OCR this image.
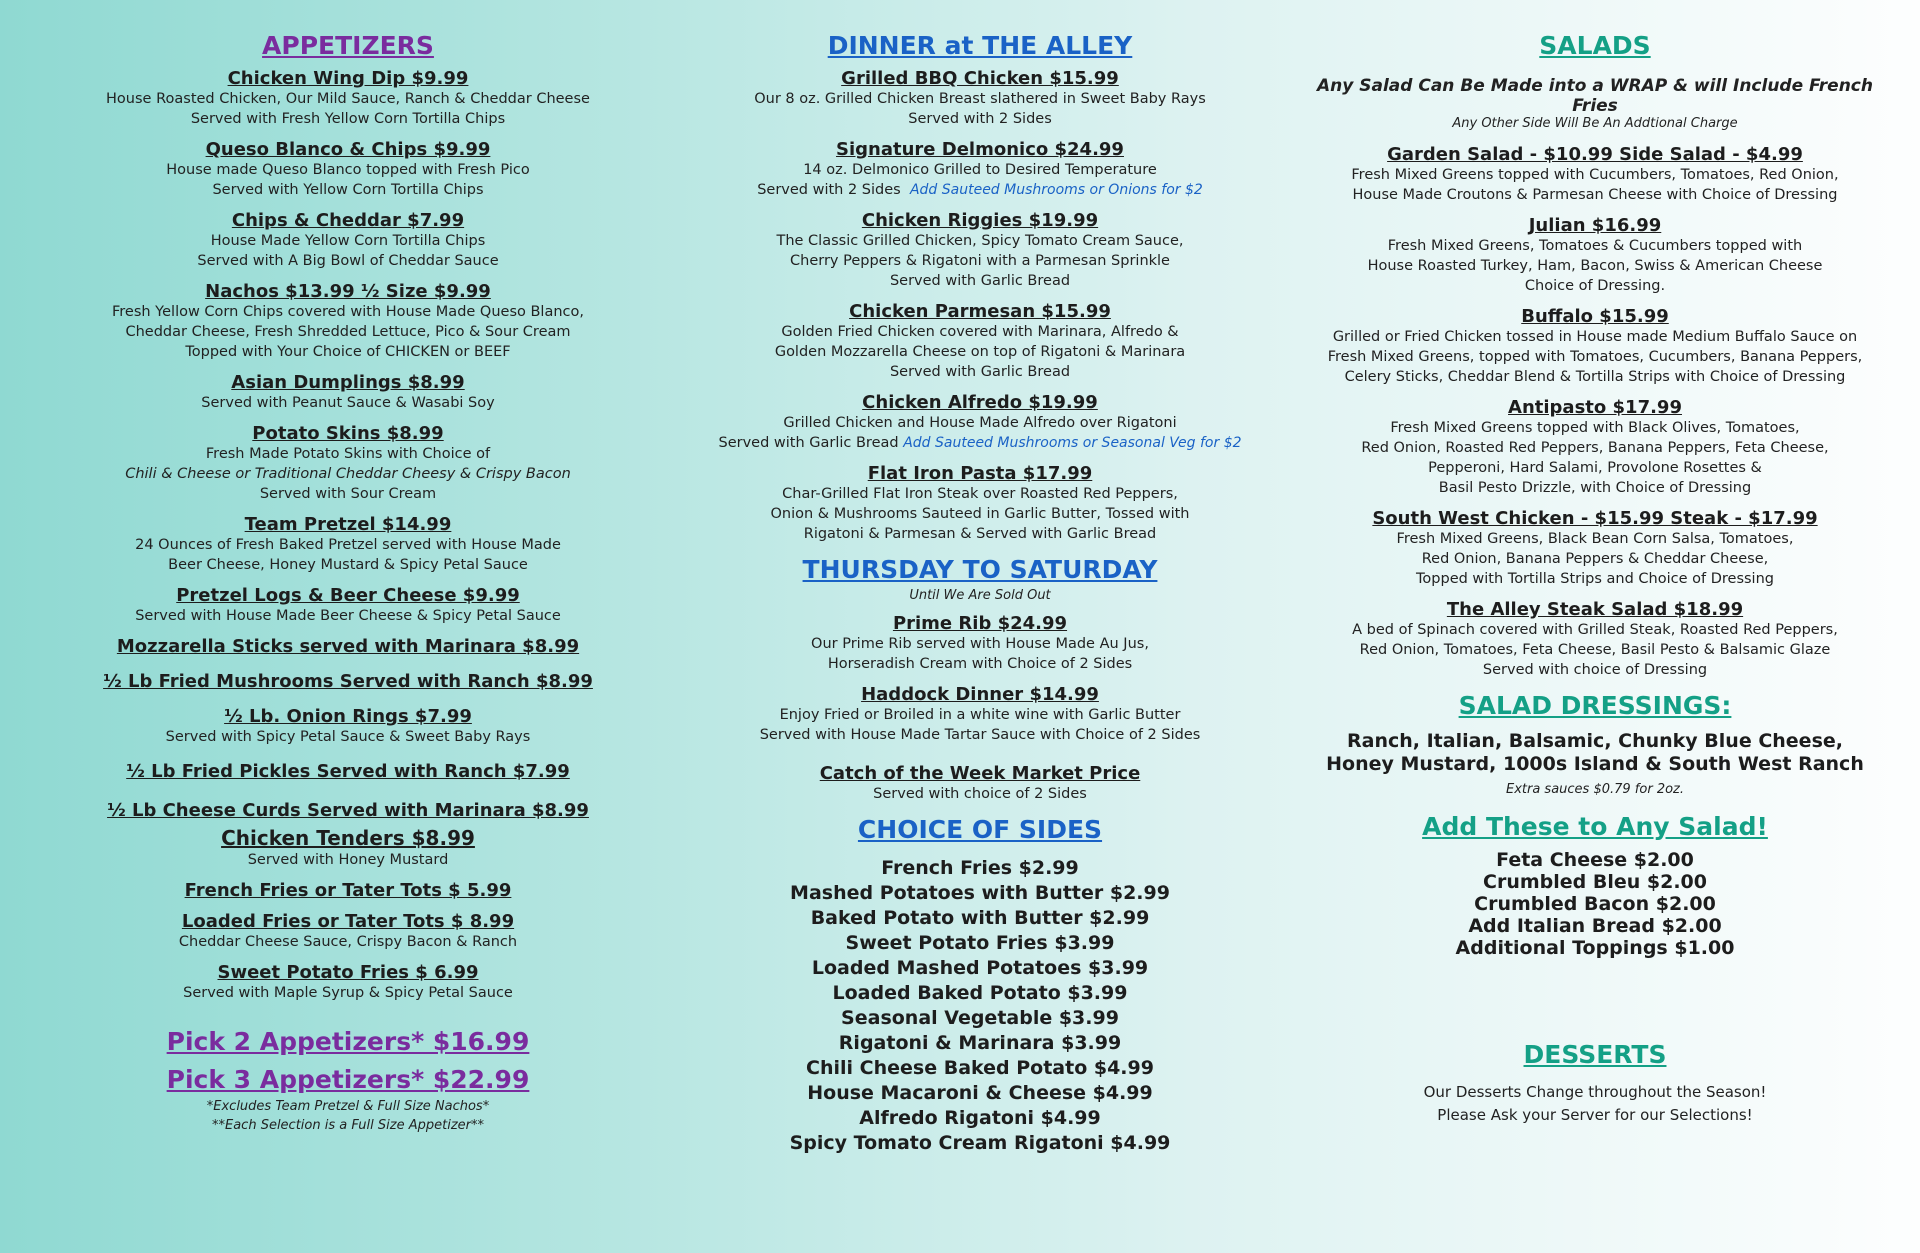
APPETIZERS
Chicken Wing Dip $9.99
House Roasted Chicken, Our Mild Sauce, Ranch & Cheddar Cheese
Served with Fresh Yellow Corn Tortilla Chips
Queso Blanco & Chips $9.99
House made Queso Blanco topped with Fresh Pico
Served with Yellow Corn Tortilla Chips
Chips & Cheddar $7.99
House Made Yellow Corn Tortilla Chips
Served with A Big Bowl of Cheddar Sauce
Nachos $13.99 ½ Size $9.99
Fresh Yellow Corn Chips covered with House Made Queso Blanco,
Cheddar Cheese, Fresh Shredded Lettuce, Pico & Sour Cream
Topped with Your Choice of CHICKEN or BEEF
Asian Dumplings $8.99
Served with Peanut Sauce & Wasabi Soy
Potato Skins $8.99
Fresh Made Potato Skins with Choice of
Chili & Cheese or Traditional Cheddar Cheesy & Crispy Bacon
Served with Sour Cream
Team Pretzel $14.99
24 Ounces of Fresh Baked Pretzel served with House Made
Beer Cheese, Honey Mustard & Spicy Petal Sauce
Pretzel Logs & Beer Cheese $9.99
Served with House Made Beer Cheese & Spicy Petal Sauce
Mozzarella Sticks served with Marinara $8.99
½ Lb Fried Mushrooms Served with Ranch $8.99
½ Lb. Onion Rings $7.99
Served with Spicy Petal Sauce & Sweet Baby Rays
½ Lb Fried Pickles Served with Ranch $7.99
½ Lb Cheese Curds Served with Marinara $8.99
Chicken Tenders $8.99
Served with Honey Mustard
French Fries or Tater Tots $ 5.99
Loaded Fries or Tater Tots $ 8.99
Cheddar Cheese Sauce, Crispy Bacon & Ranch
Sweet Potato Fries $ 6.99
Served with Maple Syrup & Spicy Petal Sauce
Pick 2 Appetizers* $16.99
Pick 3 Appetizers* $22.99
*Excludes Team Pretzel & Full Size Nachos*
**Each Selection is a Full Size Appetizer**
DINNER at THE ALLEY
Grilled BBQ Chicken $15.99
Our 8 oz. Grilled Chicken Breast slathered in Sweet Baby Rays
Served with 2 Sides
Signature Delmonico $24.99
14 oz. Delmonico Grilled to Desired Temperature
Served with 2 Sides Add Sauteed Mushrooms or Onions for $2
Chicken Riggies $19.99
The Classic Grilled Chicken, Spicy Tomato Cream Sauce,
Cherry Peppers & Rigatoni with a Parmesan Sprinkle
Served with Garlic Bread
Chicken Parmesan $15.99
Golden Fried Chicken covered with Marinara, Alfredo &
Golden Mozzarella Cheese on top of Rigatoni & Marinara
Served with Garlic Bread
Chicken Alfredo $19.99
Grilled Chicken and House Made Alfredo over Rigatoni
Served with Garlic Bread Add Sauteed Mushrooms or Seasonal Veg for $2
Flat Iron Pasta $17.99
Char-Grilled Flat Iron Steak over Roasted Red Peppers,
Onion & Mushrooms Sauteed in Garlic Butter, Tossed with
Rigatoni & Parmesan & Served with Garlic Bread
THURSDAY TO SATURDAY
Until We Are Sold Out
Prime Rib $24.99
Our Prime Rib served with House Made Au Jus,
Horseradish Cream with Choice of 2 Sides
Haddock Dinner $14.99
Enjoy Fried or Broiled in a white wine with Garlic Butter
Served with House Made Tartar Sauce with Choice of 2 Sides
Catch of the Week Market Price
Served with choice of 2 Sides
CHOICE OF SIDES
French Fries $2.99
Mashed Potatoes with Butter $2.99
Baked Potato with Butter $2.99
Sweet Potato Fries $3.99
Loaded Mashed Potatoes $3.99
Loaded Baked Potato $3.99
Seasonal Vegetable $3.99
Rigatoni & Marinara $3.99
Chili Cheese Baked Potato $4.99
House Macaroni & Cheese $4.99
Alfredo Rigatoni $4.99
Spicy Tomato Cream Rigatoni $4.99
SALADS
Any Salad Can Be Made into a WRAP & will Include French Fries
Any Other Side Will Be An Addtional Charge
Garden Salad - $10.99 Side Salad - $4.99
Fresh Mixed Greens topped with Cucumbers, Tomatoes, Red Onion,
House Made Croutons & Parmesan Cheese with Choice of Dressing
Julian $16.99
Fresh Mixed Greens, Tomatoes & Cucumbers topped with
House Roasted Turkey, Ham, Bacon, Swiss & American Cheese
Choice of Dressing.
Buffalo $15.99
Grilled or Fried Chicken tossed in House made Medium Buffalo Sauce on
Fresh Mixed Greens, topped with Tomatoes, Cucumbers, Banana Peppers,
Celery Sticks, Cheddar Blend & Tortilla Strips with Choice of Dressing
Antipasto $17.99
Fresh Mixed Greens topped with Black Olives, Tomatoes,
Red Onion, Roasted Red Peppers, Banana Peppers, Feta Cheese,
Pepperoni, Hard Salami, Provolone Rosettes &
Basil Pesto Drizzle, with Choice of Dressing
South West Chicken - $15.99 Steak - $17.99
Fresh Mixed Greens, Black Bean Corn Salsa, Tomatoes,
Red Onion, Banana Peppers & Cheddar Cheese,
Topped with Tortilla Strips and Choice of Dressing
The Alley Steak Salad $18.99
A bed of Spinach covered with Grilled Steak, Roasted Red Peppers,
Red Onion, Tomatoes, Feta Cheese, Basil Pesto & Balsamic Glaze
Served with choice of Dressing
SALAD DRESSINGS:
Ranch, Italian, Balsamic, Chunky Blue Cheese,
Honey Mustard, 1000s Island & South West Ranch
Extra sauces $0.79 for 2oz.
Add These to Any Salad!
Feta Cheese $2.00
Crumbled Bleu $2.00
Crumbled Bacon $2.00
Add Italian Bread $2.00
Additional Toppings $1.00
DESSERTS
Our Desserts Change throughout the Season!
Please Ask your Server for our Selections!
